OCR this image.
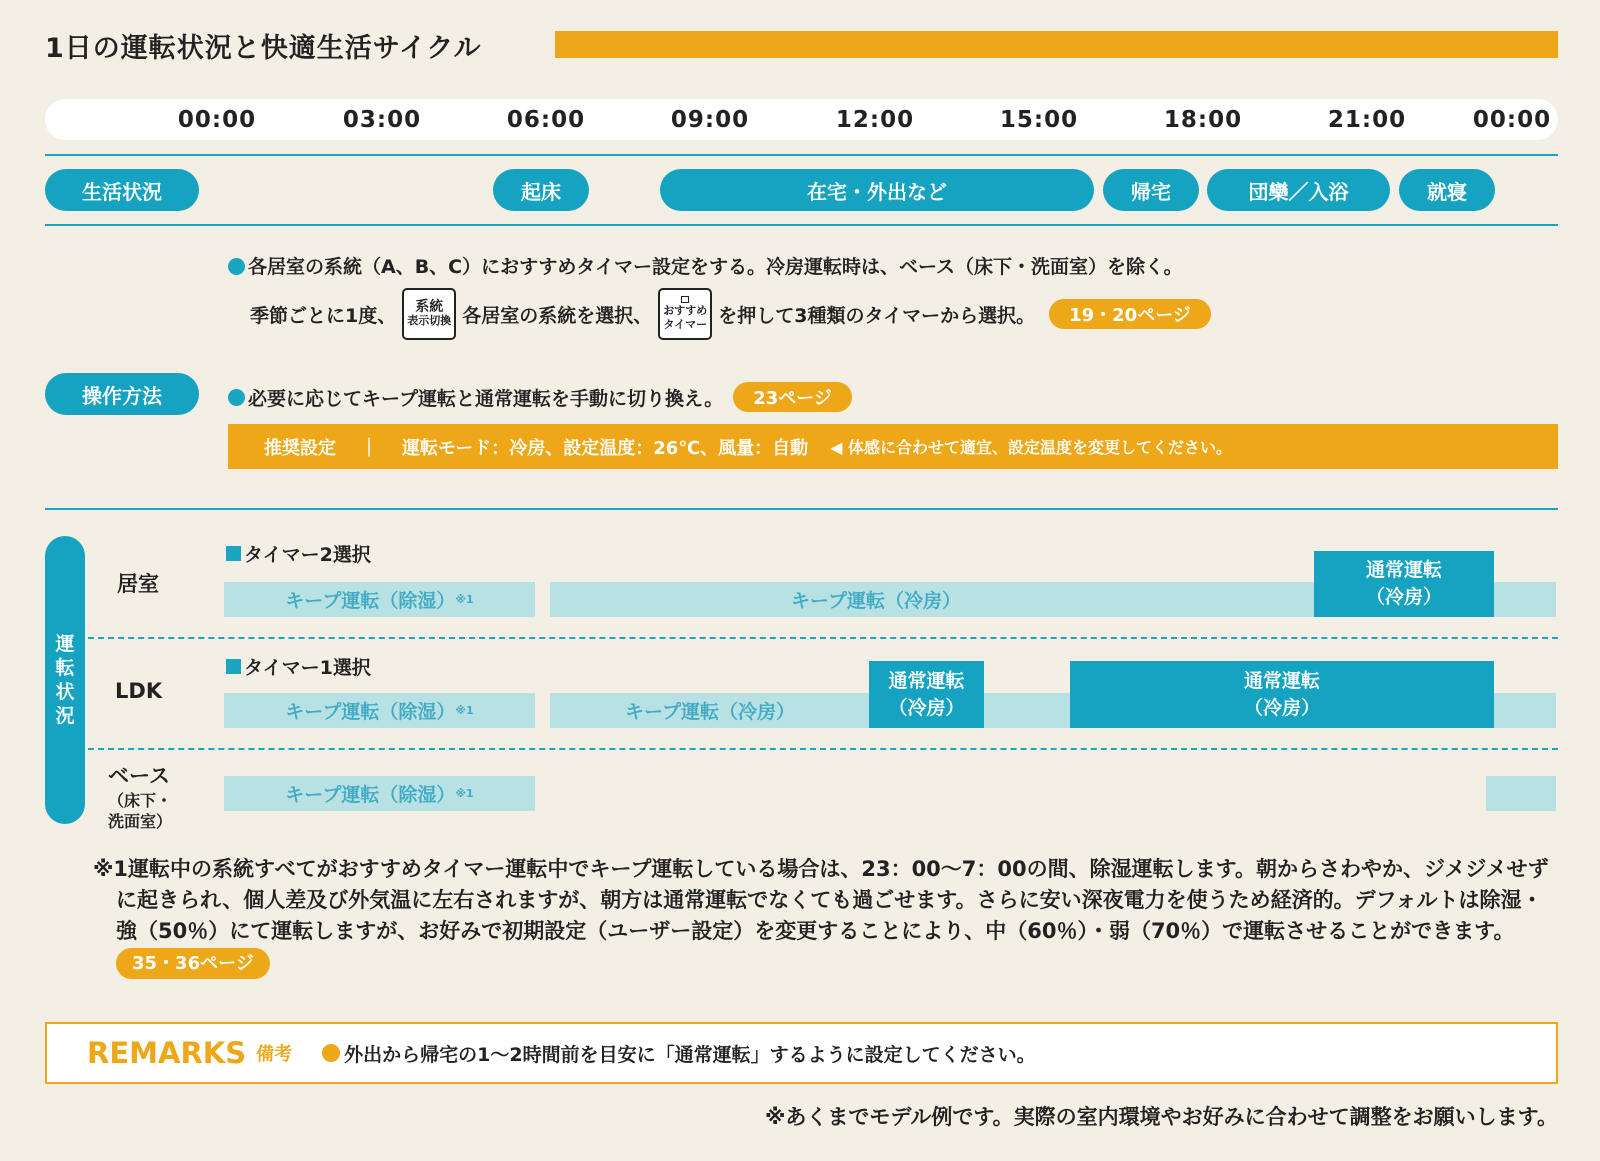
1日の運転状況と快適生活サイクル
00:00	03:00	06:00	09:00	12:00	15:00	18:00	21:00	00:00
生活状況	起床	在宅・外出など	帰宅	団欒／入浴	就寝
各居室の系統（A、B、C）におすすめタイマー設定をする。冷房運転時は、ベース（床下・洗面室）を除く。
季節ごとに1度、 系統
表示切換 各居室の系統を選択、 おすすめ
タイマー を押して3種類のタイマーから選択。	19・20ページ
操作方法	必要に応じてキープ運転と通常運転を手動に切り換え。	23ページ
推奨設定 ｜ 運転モード：冷房、設定温度：26℃、風量：自動 ◀ 体感に合わせて適宜、設定温度を変更してください。
運
転
状
況
居室
タイマー2選択
キープ運転（除湿） ※1	キープ運転（冷房）
通常運転
（冷房）
LDK
タイマー1選択
キープ運転（除湿） ※1	キープ運転（冷房）
通常運転
（冷房）
通常運転
（冷房）
ベース
（床下・
洗面室）
キープ運転（除湿） ※1
※1運転中の系統すべてがおすすめタイマー運転中でキープ運転している場合は、23：00〜7：00の間、除湿運転します。朝からさわやか、ジメジメせずに起きられ、個人差及び外気温に左右されますが、朝方は通常運転でなくても過ごせます。さらに安い深夜電力を使うため経済的。デフォルトは除湿・強（50％）にて運転しますが、お好みで初期設定（ユーザー設定）を変更することにより、中（60％）・弱（70％）で運転させることができます。 35・36ページ
REMARKS 備考	外出から帰宅の1〜2時間前を目安に「通常運転」するように設定してください。
※あくまでモデル例です。実際の室内環境やお好みに合わせて調整をお願いします。
